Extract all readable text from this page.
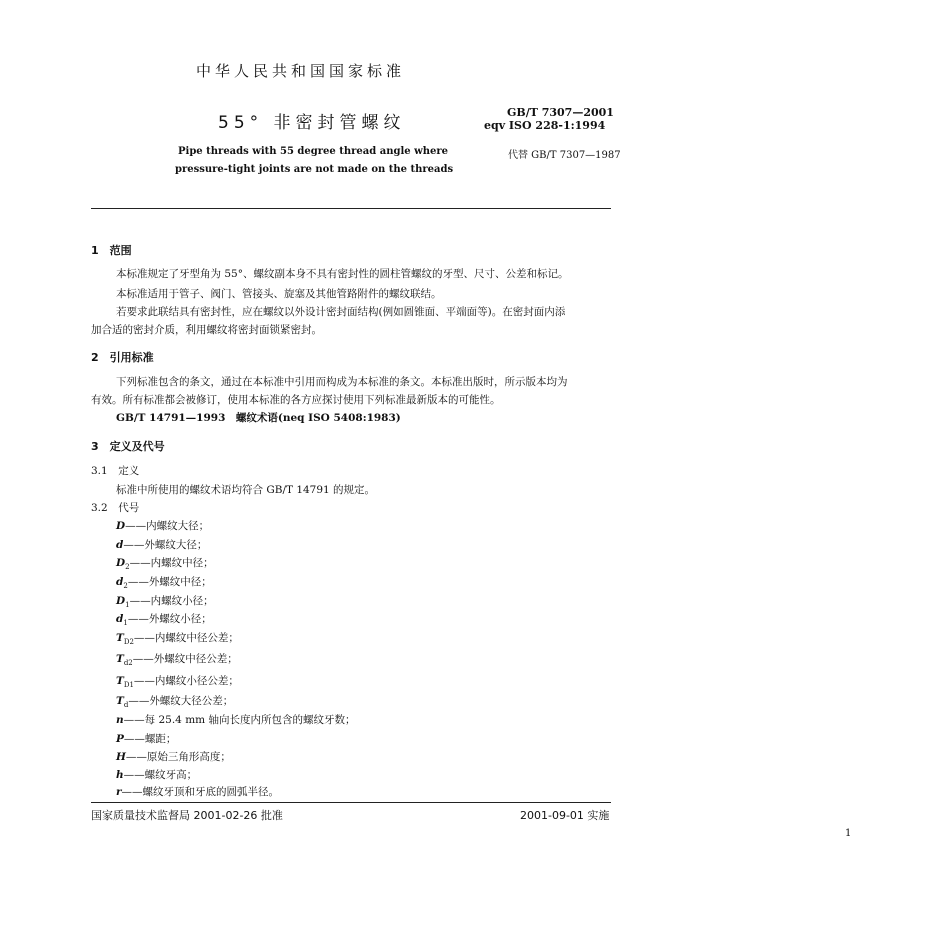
中华人民共和国国家标准
55° 非密封管螺纹
GB/T 7307—2001
eqv ISO 228-1:1994
Pipe threads with 55 degree thread angle where
pressure-tight joints are not made on the threads
代替 GB/T 7307—1987
1　范围
本标准规定了牙型角为 55°、螺纹副本身不具有密封性的圆柱管螺纹的牙型、尺寸、公差和标记。
本标准适用于管子、阀门、管接头、旋塞及其他管路附件的螺纹联结。
若要求此联结具有密封性，应在螺纹以外设计密封面结构(例如圆锥面、平端面等)。在密封面内添
加合适的密封介质，利用螺纹将密封面锁紧密封。
2　引用标准
下列标准包含的条文，通过在本标准中引用而构成为本标准的条文。本标准出版时，所示版本均为
有效。所有标准都会被修订，使用本标准的各方应探讨使用下列标准最新版本的可能性。
GB/T 14791—1993　螺纹术语(neq ISO 5408:1983)
3　定义及代号
3.1　定义
标准中所使用的螺纹术语均符合 GB/T 14791 的规定。
3.2　代号
D——内螺纹大径；
d——外螺纹大径；
$D_2——$内螺纹中径；
$d_2——$外螺纹中径；
$D_1——$内螺纹小径；
$d_1——$外螺纹小径；
$T_{D2}——$内螺纹中径公差；
$T_{d2}——$外螺纹中径公差；
$T_{D1}——$内螺纹小径公差；
$T_d——$外螺纹大径公差；
n——每 25.4 mm 轴向长度内所包含的螺纹牙数；
P——螺距；
H——原始三角形高度；
h——螺纹牙高；
r——螺纹牙顶和牙底的圆弧半径。
国家质量技术监督局 2001-02-26 批准	2001-09-01 实施
1
